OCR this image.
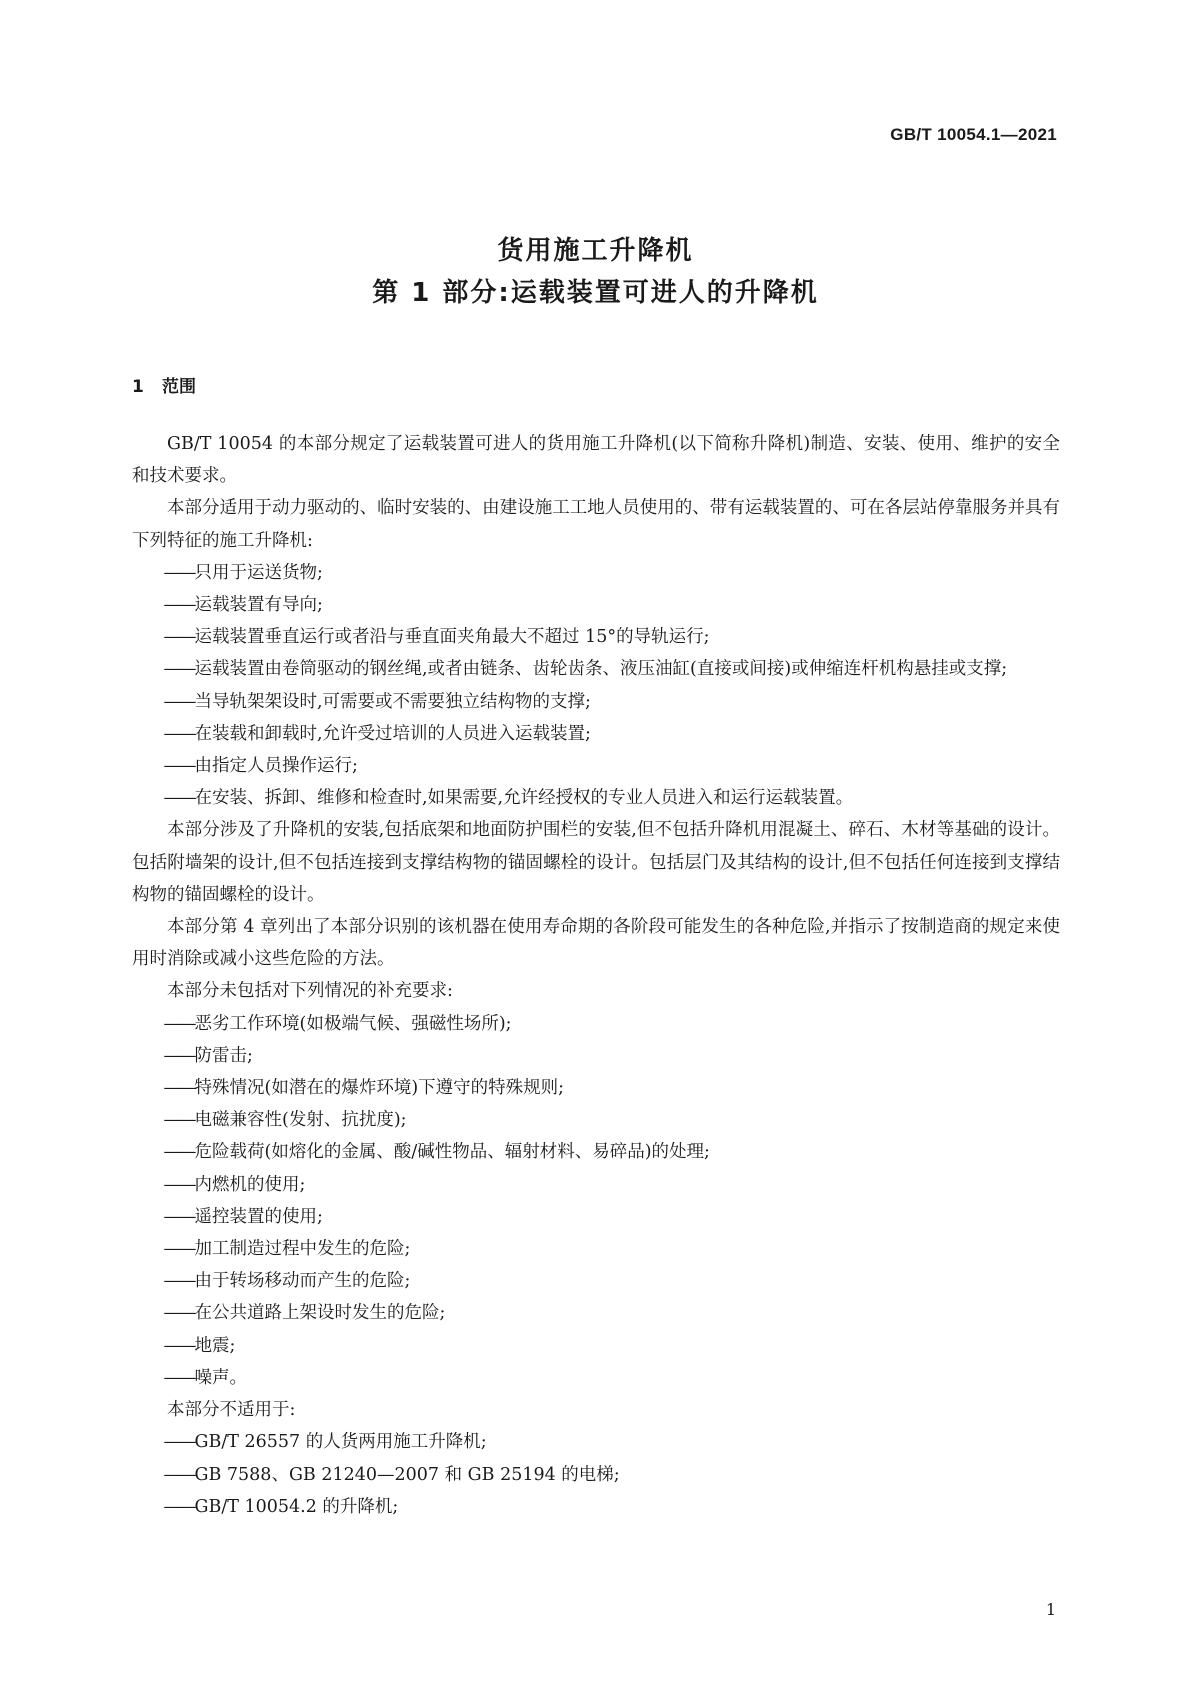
GB/T 10054.1—2021
货用施工升降机
第 1 部分:运载装置可进人的升降机
1 范围

GB/T 10054 的本部分规定了运载装置可进人的货用施工升降机(以下简称升降机)制造、安装、使用、维护的安全和技术要求。

本部分适用于动力驱动的、临时安装的、由建设施工工地人员使用的、带有运载装置的、可在各层站停靠服务并具有下列特征的施工升降机:

——只用于运送货物;

——运载装置有导向;

——运载装置垂直运行或者沿与垂直面夹角最大不超过 15°的导轨运行;

——运载装置由卷筒驱动的钢丝绳,或者由链条、齿轮齿条、液压油缸(直接或间接)或伸缩连杆机构悬挂或支撑;

——当导轨架架设时,可需要或不需要独立结构物的支撑;

——在装载和卸载时,允许受过培训的人员进入运载装置;

——由指定人员操作运行;

——在安装、拆卸、维修和检查时,如果需要,允许经授权的专业人员进入和运行运载装置。

本部分涉及了升降机的安装,包括底架和地面防护围栏的安装,但不包括升降机用混凝土、碎石、木材等基础的设计。包括附墙架的设计,但不包括连接到支撑结构物的锚固螺栓的设计。包括层门及其结构的设计,但不包括任何连接到支撑结构物的锚固螺栓的设计。

本部分第 4 章列出了本部分识别的该机器在使用寿命期的各阶段可能发生的各种危险,并指示了按制造商的规定来使用时消除或减小这些危险的方法。

本部分未包括对下列情况的补充要求:

——恶劣工作环境(如极端气候、强磁性场所);

——防雷击;

——特殊情况(如潜在的爆炸环境)下遵守的特殊规则;

——电磁兼容性(发射、抗扰度);

——危险载荷(如熔化的金属、酸/碱性物品、辐射材料、易碎品)的处理;

——内燃机的使用;

——遥控装置的使用;

——加工制造过程中发生的危险;

——由于转场移动而产生的危险;

——在公共道路上架设时发生的危险;

——地震;

——噪声。

本部分不适用于:

——GB/T 26557 的人货两用施工升降机;

——GB 7588、GB 21240—2007 和 GB 25194 的电梯;

——GB/T 10054.2 的升降机;

1
